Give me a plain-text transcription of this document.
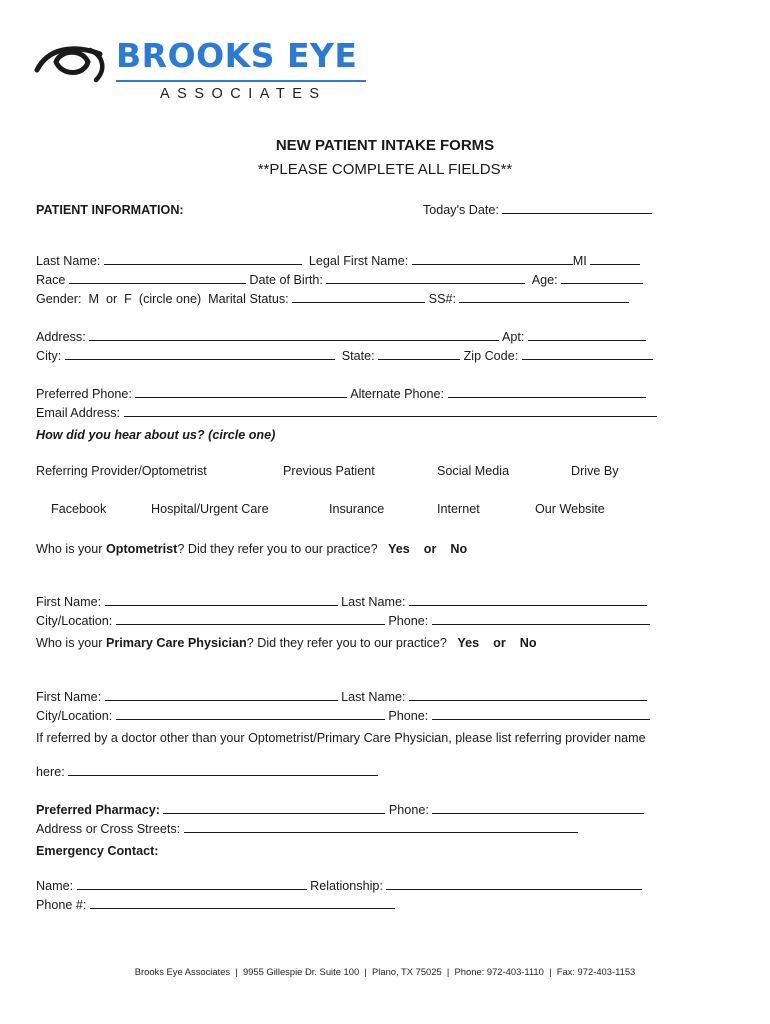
BROOKS EYE
ASSOCIATES
NEW PATIENT INTAKE FORMS
**PLEASE COMPLETE ALL FIELDS**
PATIENT INFORMATION:	Today's Date:

Last Name:	Legal First Name:	MI

Race	Date of Birth:	Age:

Gender:  M  or  F  (circle one) Marital Status:	SS#:

Address:	Apt:

City:	State:	Zip Code:

Preferred Phone:	Alternate Phone:

Email Address:

How did you hear about us? (circle one)
Referring Provider/Optometrist	Previous Patient	Social Media	Drive By
Facebook	Hospital/Urgent Care	Insurance	Internet	Our Website
Who is your Optometrist? Did they refer you to our practice? Yes or No

First Name:	Last Name:

City/Location:	Phone:

Who is your Primary Care Physician? Did they refer you to our practice? Yes or No

First Name:	Last Name:

City/Location:	Phone:

If referred by a doctor other than your Optometrist/Primary Care Physician, please list referring provider name

here:

Preferred Pharmacy:	Phone:

Address or Cross Streets:

Emergency Contact:

Name:	Relationship:

Phone #:

Brooks Eye Associates  |  9955 Gillespie Dr. Suite 100  |  Plano, TX 75025  |  Phone: 972-403-1110  |  Fax: 972-403-1153
